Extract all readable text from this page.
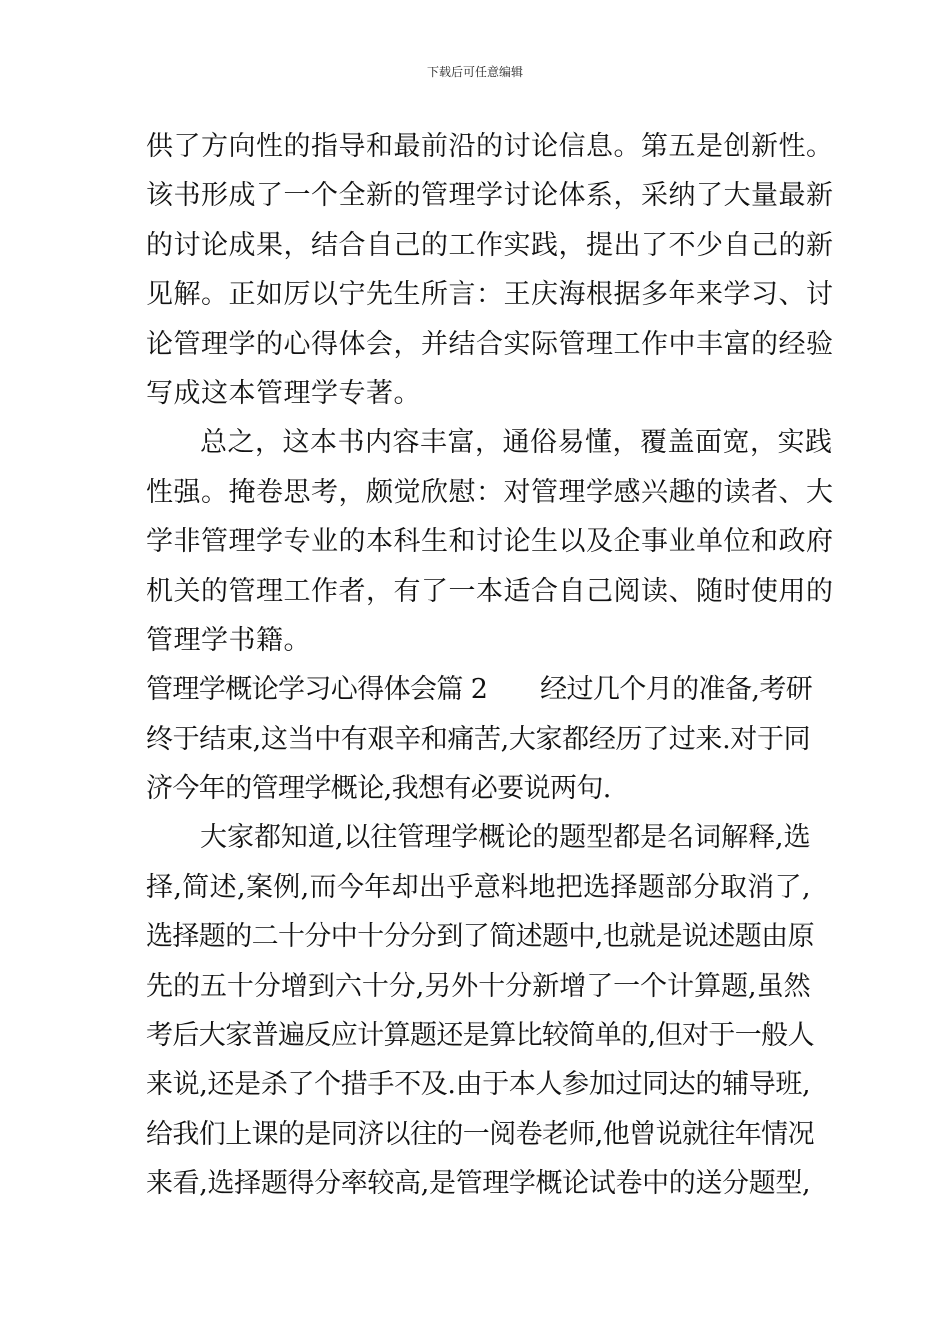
下载后可任意编辑
供了方向性的指导和最前沿的讨论信息。第五是创新性。
该书形成了一个全新的管理学讨论体系，采纳了大量最新
的讨论成果，结合自己的工作实践，提出了不少自己的新
见解。正如厉以宁先生所言：王庆海根据多年来学习、讨
论管理学的心得体会，并结合实际管理工作中丰富的经验
写成这本管理学专著。
总之，这本书内容丰富，通俗易懂，覆盖面宽，实践
性强。掩卷思考，颇觉欣慰：对管理学感兴趣的读者、大
学非管理学专业的本科生和讨论生以及企事业单位和政府
机关的管理工作者，有了一本适合自己阅读、随时使用的
管理学书籍。
管理学概论学习心得体会篇 2　　经过几个月的准备,考研
终于结束,这当中有艰辛和痛苦,大家都经历了过来.对于同
济今年的管理学概论,我想有必要说两句.
大家都知道,以往管理学概论的题型都是名词解释,选
择,简述,案例,而今年却出乎意料地把选择题部分取消了,
选择题的二十分中十分分到了简述题中,也就是说述题由原
先的五十分增到六十分,另外十分新增了一个计算题,虽然
考后大家普遍反应计算题还是算比较简单的,但对于一般人
来说,还是杀了个措手不及.由于本人参加过同达的辅导班,
给我们上课的是同济以往的一阅卷老师,他曾说就往年情况
来看,选择题得分率较高,是管理学概论试卷中的送分题型,
